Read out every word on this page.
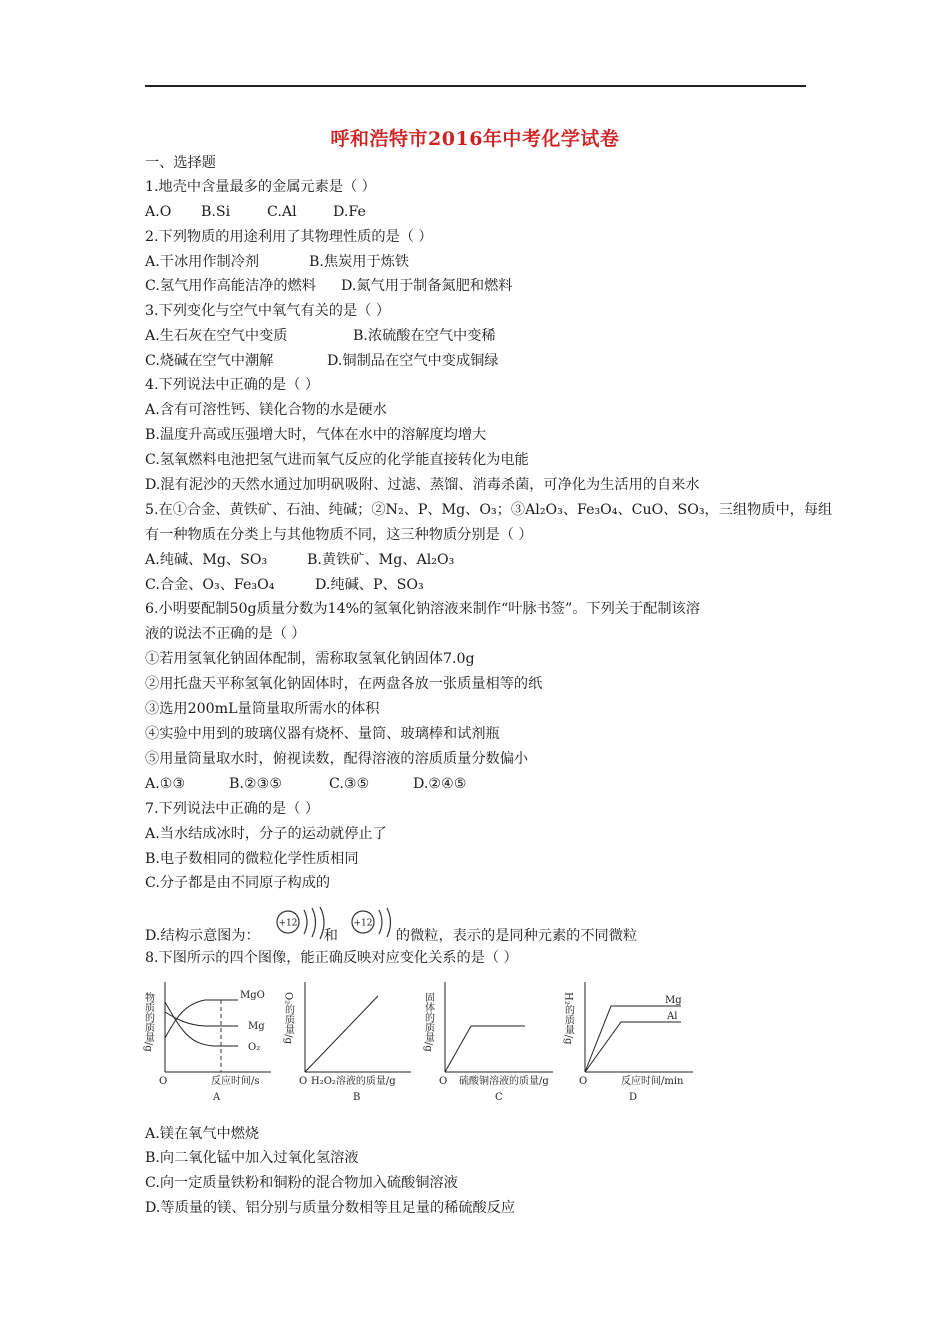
呼和浩特市2016年中考化学试卷
一、选择题
1.地壳中含量最多的金属元素是（ ）
A.O B.Si	C.Al	D.Fe
2.下列物质的用途利用了其物理性质的是（ ）
A.干冰用作制冷剂	B.焦炭用于炼铁
C.氢气用作高能洁净的燃料 D.氮气用于制备氮肥和燃料
3.下列变化与空气中氧气有关的是（ ）
A.生石灰在空气中变质	B.浓硫酸在空气中变稀
C.烧碱在空气中潮解	D.铜制品在空气中变成铜绿
4.下列说法中正确的是（ ）
A.含有可溶性钙、镁化合物的水是硬水
B.温度升高或压强增大时，气体在水中的溶解度均增大
C.氢氧燃料电池把氢气进而氧气反应的化学能直接转化为电能
D.混有泥沙的天然水通过加明矾吸附、过滤、蒸馏、消毒杀菌，可净化为生活用的自来水
5.在①合金、黄铁矿、石油、纯碱；②N₂、P、Mg、O₃；③Al₂O₃、Fe₃O₄、CuO、SO₃，三组物质中，每组
有一种物质在分类上与其他物质不同，这三种物质分别是（ ）
A.纯碱、Mg、SO₃	B.黄铁矿、Mg、Al₂O₃
C.合金、O₃、Fe₃O₄	D.纯碱、P、SO₃
6.小明要配制50g质量分数为14%的氢氧化钠溶液来制作“叶脉书签”。下列关于配制该溶
液的说法不正确的是（ ）
①若用氢氧化钠固体配制，需称取氢氧化钠固体7.0g
②用托盘天平称氢氧化钠固体时，在两盘各放一张质量相等的纸
③选用200mL量筒量取所需水的体积
④实验中用到的玻璃仪器有烧杯、量筒、玻璃棒和试剂瓶
⑤用量筒量取水时，俯视读数，配得溶液的溶质质量分数偏小
A.①③	B.②③⑤	C.③⑤	D.②④⑤
7.下列说法中正确的是（ ）
A.当水结成冰时，分子的运动就停止了
B.电子数相同的微粒化学性质相同
C.分子都是由不同原子构成的
D.结构示意图为：	和	的微粒，表示的是同种元素的不同微粒
+12	+12
8.下图所示的四个图像，能正确反映对应变化关系的是（ ）
物质的质量/g	MgO
Mg
O₂
O	反应时间/s
A
O₂的质量/g
O H₂O₂溶液的质量/g
B
固体的质量/g
O 硫酸铜溶液的质量/g
C
H₂的质量/g	Mg
Al
O	反应时间/min
D
A.镁在氧气中燃烧
B.向二氧化锰中加入过氧化氢溶液
C.向一定质量铁粉和铜粉的混合物加入硫酸铜溶液
D.等质量的镁、铝分别与质量分数相等且足量的稀硫酸反应
